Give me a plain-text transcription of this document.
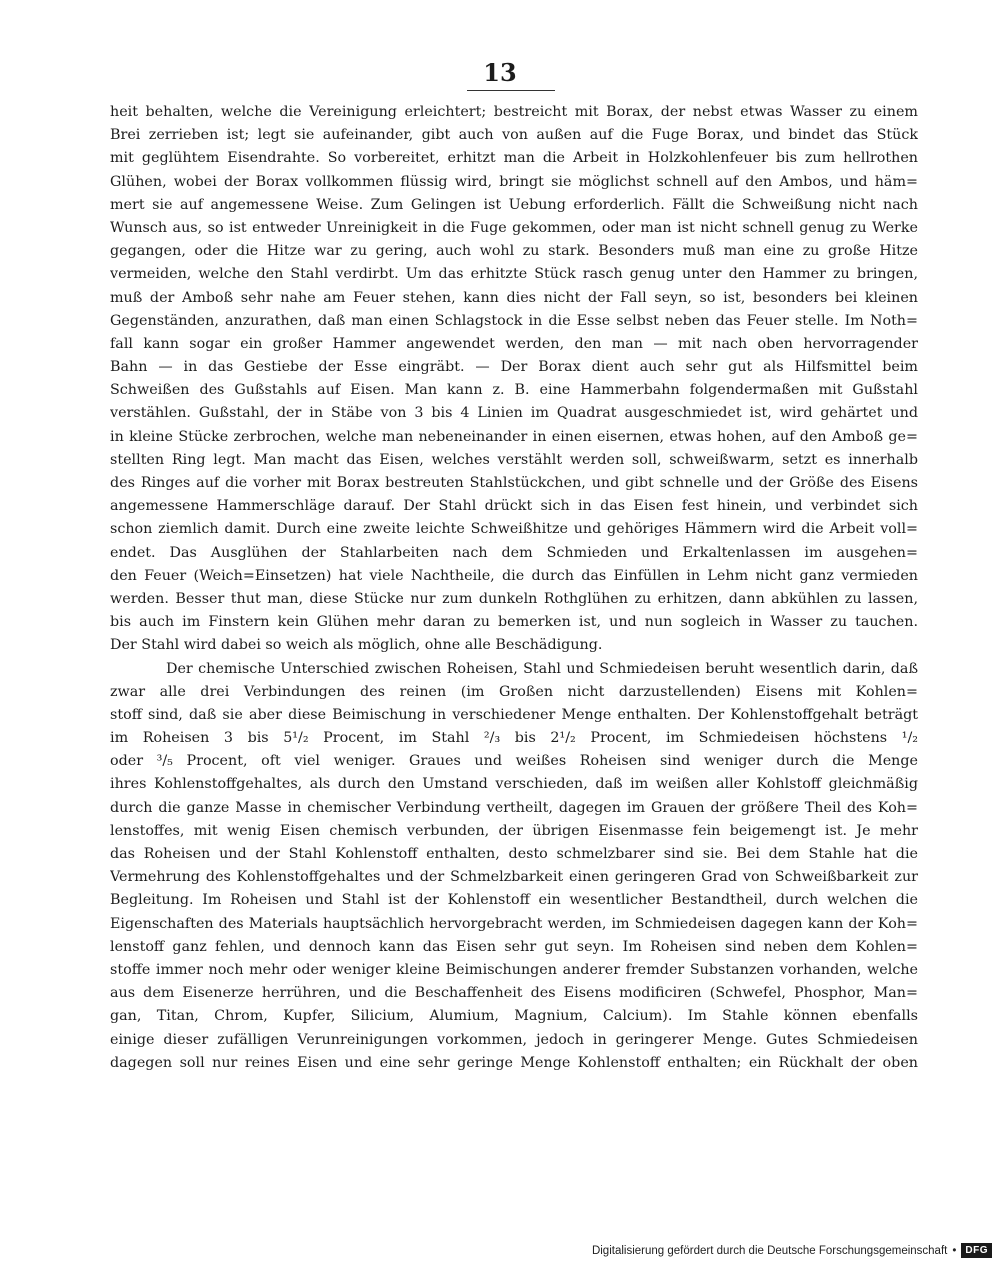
13
heit behalten, welche die Vereinigung erleichtert; bestreicht mit Borax, der nebst etwas Wasser zu einem
Brei zerrieben ist; legt sie aufeinander, gibt auch von außen auf die Fuge Borax, und bindet das Stück
mit geglühtem Eisendrahte. So vorbereitet, erhitzt man die Arbeit in Holzkohlenfeuer bis zum hellrothen
Glühen, wobei der Borax vollkommen flüssig wird, bringt sie möglichst schnell auf den Ambos, und häm=
mert sie auf angemessene Weise. Zum Gelingen ist Uebung erforderlich. Fällt die Schweißung nicht nach
Wunsch aus, so ist entweder Unreinigkeit in die Fuge gekommen, oder man ist nicht schnell genug zu Werke
gegangen, oder die Hitze war zu gering, auch wohl zu stark. Besonders muß man eine zu große Hitze
vermeiden, welche den Stahl verdirbt. Um das erhitzte Stück rasch genug unter den Hammer zu bringen,
muß der Amboß sehr nahe am Feuer stehen, kann dies nicht der Fall seyn, so ist, besonders bei kleinen
Gegenständen, anzurathen, daß man einen Schlagstock in die Esse selbst neben das Feuer stelle. Im Noth=
fall kann sogar ein großer Hammer angewendet werden, den man — mit nach oben hervorragender
Bahn — in das Gestiebe der Esse eingräbt. — Der Borax dient auch sehr gut als Hilfsmittel beim
Schweißen des Gußstahls auf Eisen. Man kann z. B. eine Hammerbahn folgendermaßen mit Gußstahl
verstählen. Gußstahl, der in Stäbe von 3 bis 4 Linien im Quadrat ausgeschmiedet ist, wird gehärtet und
in kleine Stücke zerbrochen, welche man nebeneinander in einen eisernen, etwas hohen, auf den Amboß ge=
stellten Ring legt. Man macht das Eisen, welches verstählt werden soll, schweißwarm, setzt es innerhalb
des Ringes auf die vorher mit Borax bestreuten Stahlstückchen, und gibt schnelle und der Größe des Eisens
angemessene Hammerschläge darauf. Der Stahl drückt sich in das Eisen fest hinein, und verbindet sich
schon ziemlich damit. Durch eine zweite leichte Schweißhitze und gehöriges Hämmern wird die Arbeit voll=
endet. Das Ausglühen der Stahlarbeiten nach dem Schmieden und Erkaltenlassen im ausgehen=
den Feuer (Weich=Einsetzen) hat viele Nachtheile, die durch das Einfüllen in Lehm nicht ganz vermieden
werden. Besser thut man, diese Stücke nur zum dunkeln Rothglühen zu erhitzen, dann abkühlen zu lassen,
bis auch im Finstern kein Glühen mehr daran zu bemerken ist, und nun sogleich in Wasser zu tauchen.
Der Stahl wird dabei so weich als möglich, ohne alle Beschädigung.
Der chemische Unterschied zwischen Roheisen, Stahl und Schmiedeisen beruht wesentlich darin, daß
zwar alle drei Verbindungen des reinen (im Großen nicht darzustellenden) Eisens mit Kohlen=
stoff sind, daß sie aber diese Beimischung in verschiedener Menge enthalten. Der Kohlenstoffgehalt beträgt
im Roheisen 3 bis 5¹/₂ Procent, im Stahl ²/₃ bis 2¹/₂ Procent, im Schmiedeisen höchstens ¹/₂
oder ³/₅ Procent, oft viel weniger. Graues und weißes Roheisen sind weniger durch die Menge
ihres Kohlenstoffgehaltes, als durch den Umstand verschieden, daß im weißen aller Kohlstoff gleichmäßig
durch die ganze Masse in chemischer Verbindung vertheilt, dagegen im Grauen der größere Theil des Koh=
lenstoffes, mit wenig Eisen chemisch verbunden, der übrigen Eisenmasse fein beigemengt ist. Je mehr
das Roheisen und der Stahl Kohlenstoff enthalten, desto schmelzbarer sind sie. Bei dem Stahle hat die
Vermehrung des Kohlenstoffgehaltes und der Schmelzbarkeit einen geringeren Grad von Schweißbarkeit zur
Begleitung. Im Roheisen und Stahl ist der Kohlenstoff ein wesentlicher Bestandtheil, durch welchen die
Eigenschaften des Materials hauptsächlich hervorgebracht werden, im Schmiedeisen dagegen kann der Koh=
lenstoff ganz fehlen, und dennoch kann das Eisen sehr gut seyn. Im Roheisen sind neben dem Kohlen=
stoffe immer noch mehr oder weniger kleine Beimischungen anderer fremder Substanzen vorhanden, welche
aus dem Eisenerze herrühren, und die Beschaffenheit des Eisens modificiren (Schwefel, Phosphor, Man=
gan, Titan, Chrom, Kupfer, Silicium, Alumium, Magnium, Calcium). Im Stahle können ebenfalls
einige dieser zufälligen Verunreinigungen vorkommen, jedoch in geringerer Menge. Gutes Schmiedeisen
dagegen soll nur reines Eisen und eine sehr geringe Menge Kohlenstoff enthalten; ein Rückhalt der oben
Digitalisierung gefördert durch die Deutsche Forschungsgemeinschaft • DFG
